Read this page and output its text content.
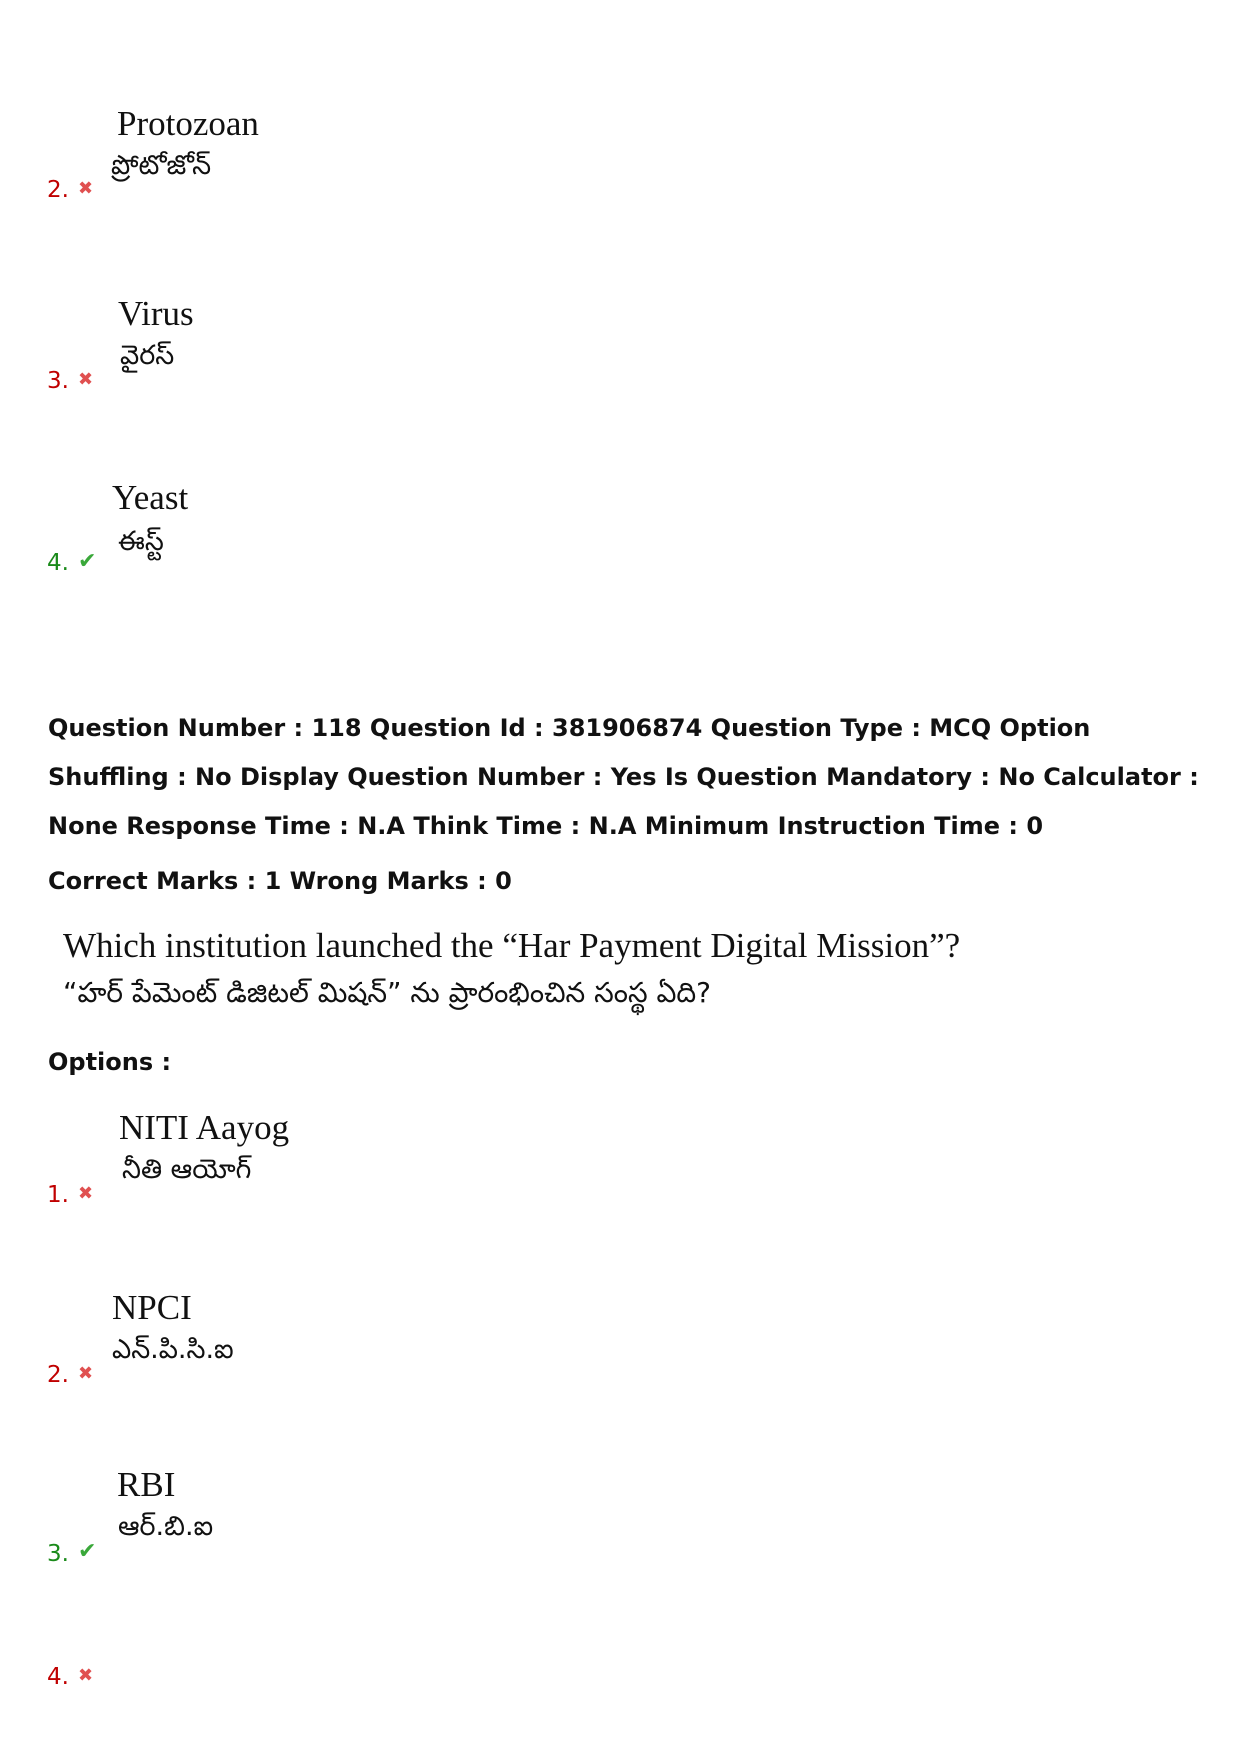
Protozoan
ప్రోటోజోన్
2. ✖
Virus
వైరస్
3. ✖
Yeast
ఈస్ట్
4. ✔
Question Number : 118 Question Id : 381906874 Question Type : MCQ Option Shuffling : No Display Question Number : Yes Is Question Mandatory : No Calculator : None Response Time : N.A Think Time : N.A Minimum Instruction Time : 0
Correct Marks : 1 Wrong Marks : 0
Which institution launched the “Har Payment Digital Mission”?
“హర్ పేమెంట్ డిజిటల్ మిషన్” ను ప్రారంభించిన సంస్థ ఏది?
Options :
NITI Aayog
నీతి ఆయోగ్
1. ✖
NPCI
ఎన్.పి.సి.ఐ
2. ✖
RBI
ఆర్.బి.ఐ
3. ✔
4. ✖
